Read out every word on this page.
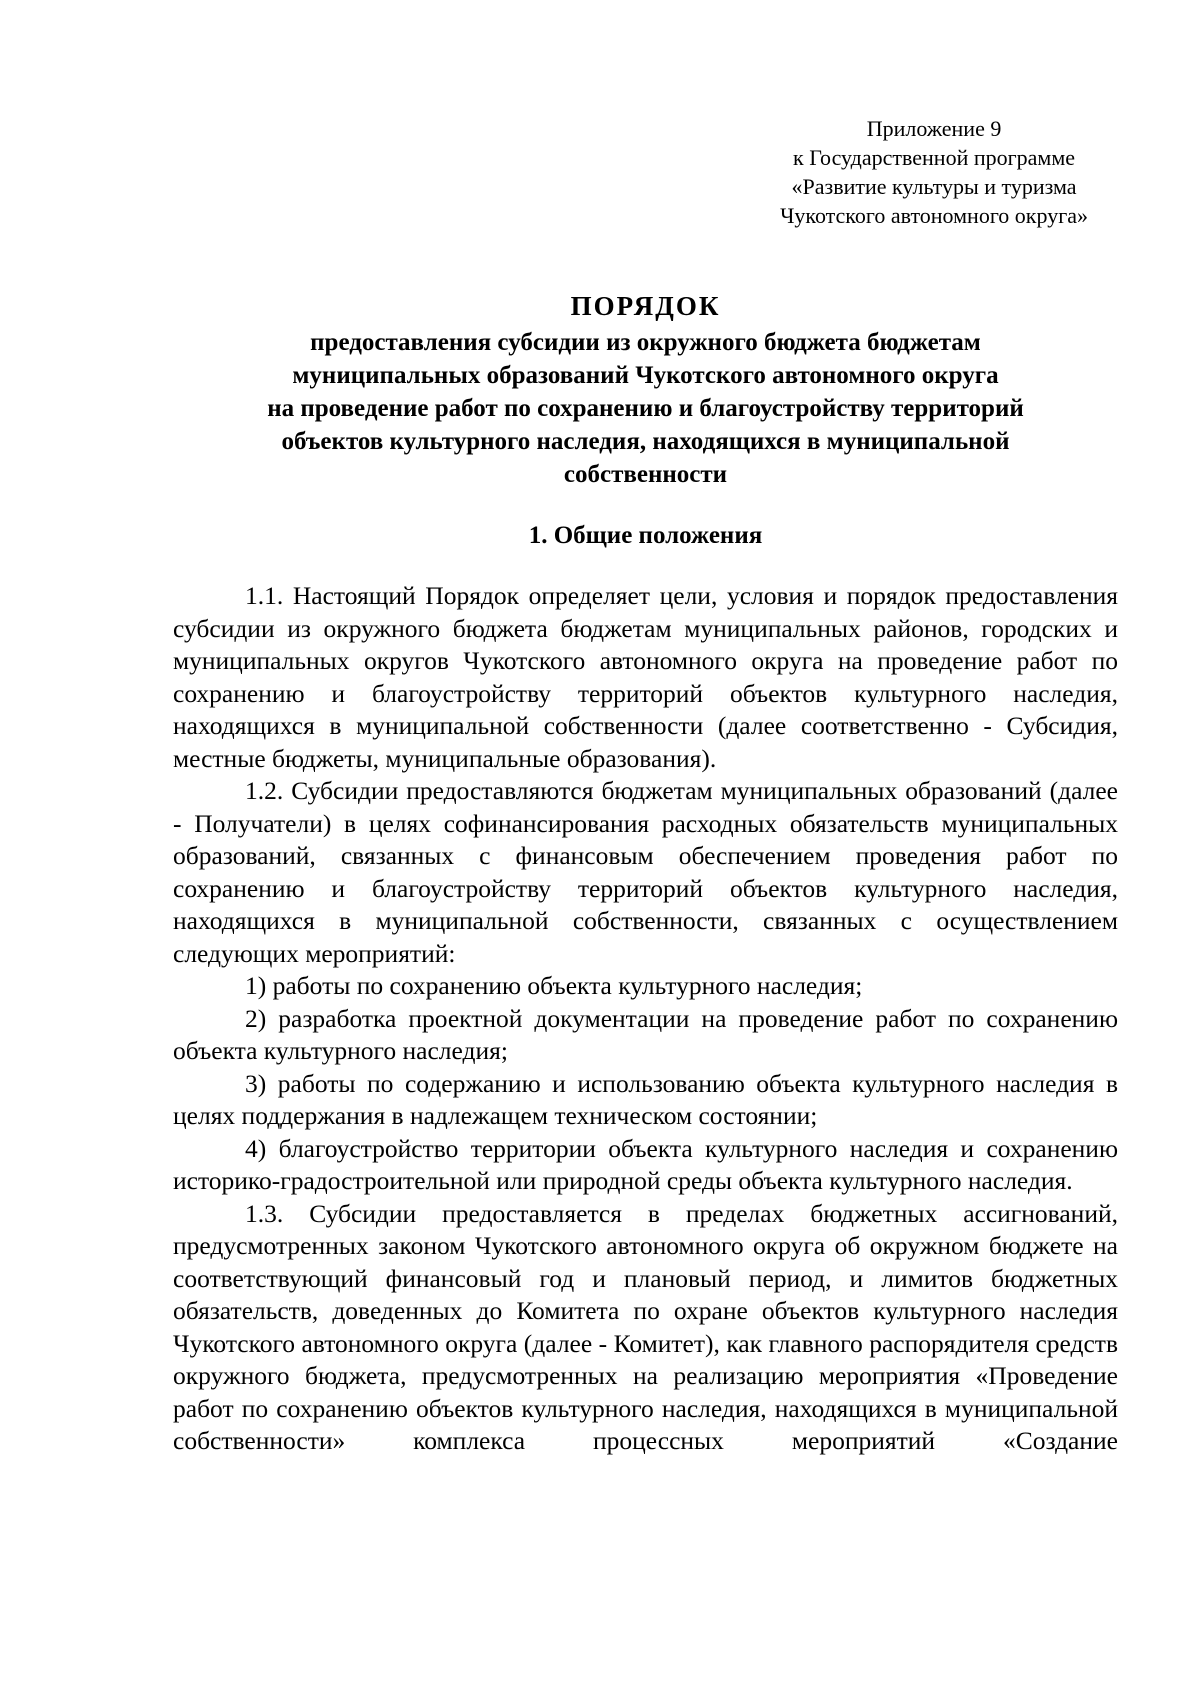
Приложение 9
к Государственной программе
«Развитие культуры и туризма
Чукотского автономного округа»
ПОРЯДОК
предоставления субсидии из окружного бюджета бюджетам
муниципальных образований Чукотского автономного округа
на проведение работ по сохранению и благоустройству территорий
объектов культурного наследия, находящихся в муниципальной
собственности
1. Общие положения

1.1. Настоящий Порядок определяет цели, условия и порядок предоставления субсидии из окружного бюджета бюджетам муниципальных районов, городских и муниципальных округов Чукотского автономного округа на проведение работ по сохранению и благоустройству территорий объектов культурного наследия, находящихся в муниципальной собственности (далее соответственно - Субсидия, местные бюджеты, муниципальные образования).

1.2. Субсидии предоставляются бюджетам муниципальных образований (далее - Получатели) в целях софинансирования расходных обязательств муниципальных образований, связанных с финансовым обеспечением проведения работ по сохранению и благоустройству территорий объектов культурного наследия, находящихся в муниципальной собственности, связанных с осуществлением следующих мероприятий:

1) работы по сохранению объекта культурного наследия;

2) разработка проектной документации на проведение работ по сохранению объекта культурного наследия;

3) работы по содержанию и использованию объекта культурного наследия в целях поддержания в надлежащем техническом состоянии;

4) благоустройство территории объекта культурного наследия и сохранению историко-градостроительной или природной среды объекта культурного наследия.

1.3. Субсидии предоставляется в пределах бюджетных ассигнований, предусмотренных законом Чукотского автономного округа об окружном бюджете на соответствующий финансовый год и плановый период, и лимитов бюджетных обязательств, доведенных до Комитета по охране объектов культурного наследия Чукотского автономного округа (далее - Комитет), как главного распорядителя средств окружного бюджета, предусмотренных на реализацию мероприятия «Проведение работ по сохранению объектов культурного наследия, находящихся в муниципальной собственности» комплекса процессных мероприятий «Создание
